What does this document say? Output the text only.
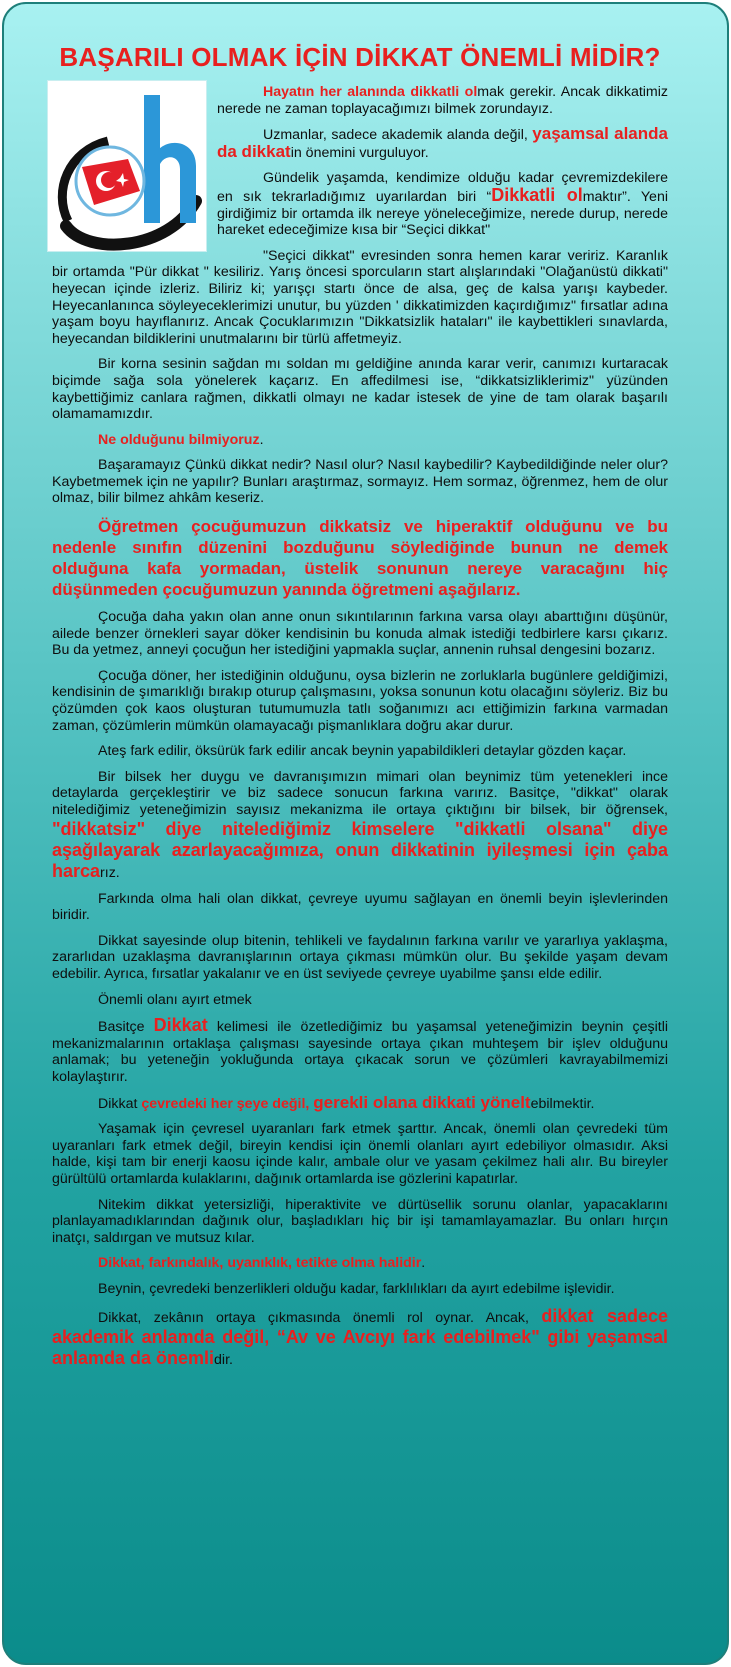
BAŞARILI OLMAK İÇİN DİKKAT ÖNEMLİ MİDİR?

Hayatın her alanında dikkatli olmak gerekir. Ancak dikkatimiz nerede ne zaman toplayacağımızı bilmek zorundayız.

Uzmanlar, sadece akademik alanda değil, yaşamsal alanda da dikkatin önemini vurguluyor.

Gündelik yaşamda, kendimize olduğu kadar çevremizdekilere en sık tekrarladığımız uyarılardan biri “Dikkatli olmaktır”. Yeni girdiğimiz bir ortamda ilk nereye yöneleceğimize, nerede durup, nerede hareket edeceğimize kısa bir “Seçici dikkat"

"Seçici dikkat" evresinden sonra hemen karar veririz. Karanlık bir ortamda "Pür dikkat " kesiliriz. Yarış öncesi sporcuların start alışlarındaki "Olağanüstü dikkati" heyecan içinde izleriz. Biliriz ki; yarışçı startı önce de alsa, geç de kalsa yarışı kaybeder. Heyecanlanınca söyleyeceklerimizi unutur, bu yüzden ' dikkatimizden kaçırdığımız" fırsatlar adına yaşam boyu hayıflanırız. Ancak Çocuklarımızın "Dikkatsizlik hataları" ile kaybettikleri sınavlarda, heyecandan bildiklerini unutmalarını bir türlü affetmeyiz.

Bir korna sesinin sağdan mı soldan mı geldiğine anında karar verir, canımızı kurtaracak biçimde sağa sola yönelerek kaçarız. En affedilmesi ise, “dikkatsizliklerimiz" yüzünden kaybettiğimiz canlara rağmen, dikkatli olmayı ne kadar istesek de yine de tam olarak başarılı olamamamızdır.

Ne olduğunu bilmiyoruz.

Başaramayız Çünkü dikkat nedir? Nasıl olur? Nasıl kaybedilir? Kaybedildiğinde neler olur? Kaybetmemek için ne yapılır? Bunları araştırmaz, sormayız. Hem sormaz, öğrenmez, hem de olur olmaz, bilir bilmez ahkâm keseriz.

Öğretmen çocuğumuzun dikkatsiz ve hiperaktif olduğunu ve bu nedenle sınıfın düzenini bozduğunu söylediğinde bunun ne demek olduğuna kafa yormadan, üstelik sonunun nereye varacağını hiç düşünmeden çocuğumuzun yanında öğretmeni aşağılarız.

Çocuğa daha yakın olan anne onun sıkıntılarının farkına varsa olayı abarttığını düşünür, ailede benzer örnekleri sayar döker kendisinin bu konuda almak istediği tedbirlere karsı çıkarız. Bu da yetmez, anneyi çocuğun her istediğini yapmakla suçlar, annenin ruhsal dengesini bozarız.

Çocuğa döner, her istediğinin olduğunu, oysa bizlerin ne zorluklarla bugünlere geldiğimizi, kendisinin de şımarıklığı bırakıp oturup çalışmasını, yoksa sonunun kotu olacağını söyleriz. Biz bu çözümden çok kaos oluşturan tutumumuzla tatlı soğanımızı acı ettiğimizin farkına varmadan zaman, çözümlerin mümkün olamayacağı pişmanlıklara doğru akar durur.

Ateş fark edilir, öksürük fark edilir ancak beynin yapabildikleri detaylar gözden kaçar.

Bir bilsek her duygu ve davranışımızın mimari olan beynimiz tüm yetenekleri ince detaylarda gerçekleştirir ve biz sadece sonucun farkına varırız. Basitçe, "dikkat" olarak nitelediğimiz yeteneğimizin sayısız mekanizma ile ortaya çıktığını bir bilsek, bir öğrensek, "dikkatsiz" diye nitelediğimiz kimselere "dikkatli olsana" diye aşağılayarak azarlayacağımıza, onun dikkatinin iyileşmesi için çaba harcarız.

Farkında olma hali olan dikkat, çevreye uyumu sağlayan en önemli beyin işlevlerinden biridir.

Dikkat sayesinde olup bitenin, tehlikeli ve faydalının farkına varılır ve yararlıya yaklaşma, zararlıdan uzaklaşma davranışlarının ortaya çıkması mümkün olur. Bu şekilde yaşam devam edebilir. Ayrıca, fırsatlar yakalanır ve en üst seviyede çevreye uyabilme şansı elde edilir.

Önemli olanı ayırt etmek

Basitçe Dikkat kelimesi ile özetlediğimiz bu yaşamsal yeteneğimizin beynin çeşitli mekanizmalarının ortaklaşa çalışması sayesinde ortaya çıkan muhteşem bir işlev olduğunu anlamak; bu yeteneğin yokluğunda ortaya çıkacak sorun ve çözümleri kavrayabilmemizi kolaylaştırır.

Dikkat çevredeki her şeye değil, gerekli olana dikkati yöneltebilmektir.

Yaşamak için çevresel uyaranları fark etmek şarttır. Ancak, önemli olan çevredeki tüm uyaranları fark etmek değil, bireyin kendisi için önemli olanları ayırt edebiliyor olmasıdır. Aksi halde, kişi tam bir enerji kaosu içinde kalır, ambale olur ve yasam çekilmez hali alır. Bu bireyler gürültülü ortamlarda kulaklarını, dağınık ortamlarda ise gözlerini kapatırlar.

Nitekim dikkat yetersizliği, hiperaktivite ve dürtüsellik sorunu olanlar, yapacaklarını planlayamadıklarından dağınık olur, başladıkları hiç bir işi tamamlayamazlar. Bu onları hırçın inatçı, saldırgan ve mutsuz kılar.

Dikkat, farkındalık, uyanıklık, tetikte olma halidir.

Beynin, çevredeki benzerlikleri olduğu kadar, farklılıkları da ayırt edebilme işlevidir.

Dikkat, zekânın ortaya çıkmasında önemli rol oynar. Ancak, dikkat sadece akademik anlamda değil, “Av ve Avcıyı fark edebilmek" gibi yaşamsal anlamda da önemlidir.
